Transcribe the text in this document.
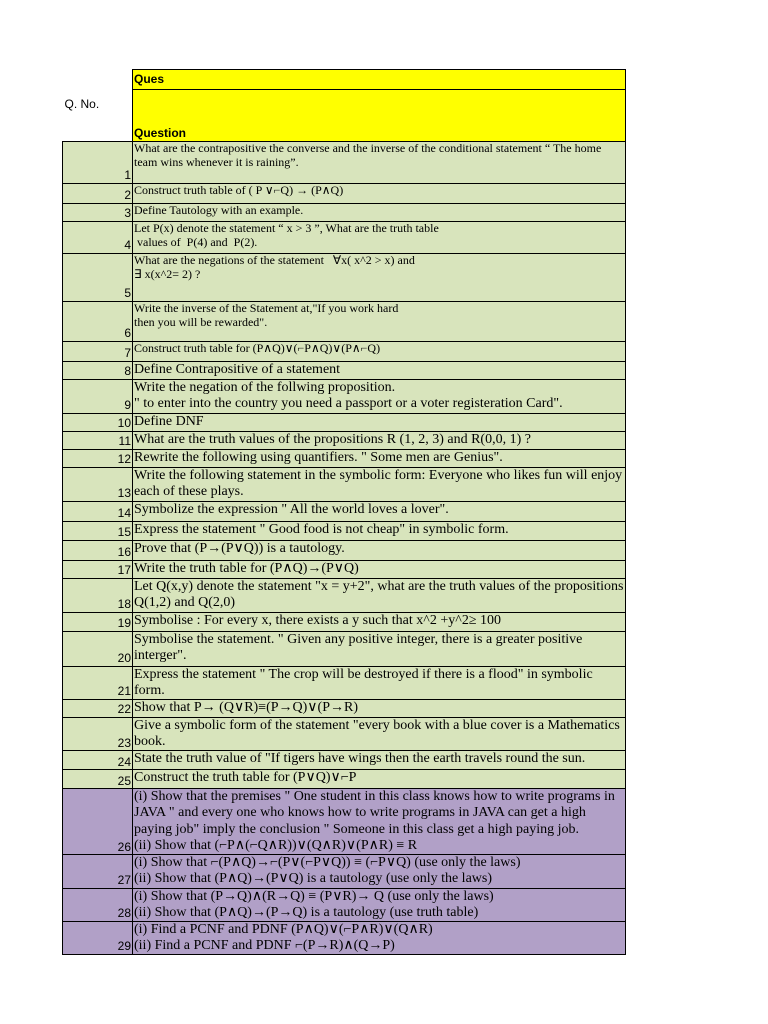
Q. No.	Ques
	Question
1	What are the contrapositive the converse and the inverse of the conditional statement “ The home team wins whenever it is raining”.

2	Construct truth table of ( P ∨⌐Q) → (P∧Q)

3	Define Tautology with an example.

4	Let P(x) denote the statement “ x > 3 ”, What are the truth table
values of  P(4) and  P(2).

5	What are the negations of the statement   ∀x( x^2 > x) and
∃ x(x^2= 2) ?

6	Write the inverse of the Statement at,"If you work hard
then you will be rewarded".

7	Construct truth table for (P∧Q)∨(⌐P∧Q)∨(P∧⌐Q)

8	Define Contrapositive of a statement

9	Write the negation of the follwing proposition.
" to enter into the country you need a passport or a voter registeration Card".

10	Define DNF

11	What are the truth values of the propositions R (1, 2, 3) and R(0,0, 1) ?

12	Rewrite the following using quantifiers. " Some men are Genius".

13	Write the following statement in the symbolic form: Everyone who likes fun will enjoy each of these plays.

14	Symbolize the expression " All the world loves a lover".

15	Express the statement " Good food is not cheap" in symbolic form.

16	Prove that (P→(P∨Q)) is a tautology.

17	Write the truth table for (P∧Q)→(P∨Q)

18	Let Q(x,y) denote the statement "x = y+2", what are the truth values of the propositions Q(1,2) and Q(2,0)

19	Symbolise : For every x, there exists a y such that x^2 +y^2≥ 100

20	Symbolise the statement. " Given any positive integer, there is a greater positive interger".

21	Express the statement " The crop will be destroyed if there is a flood" in symbolic form.

22	Show that P→ (Q∨R)≡(P→Q)∨(P→R)

23	Give a symbolic form of the statement "every book with a blue cover is a Mathematics book.

24	State the truth value of "If tigers have wings then the earth travels round the sun.

25	Construct the truth table for (P∨Q)∨⌐P

26	(i) Show that the premises " One student in this class knows how to write programs in JAVA " and every one who knows how to write programs in JAVA can get a high paying job" imply the conclusion " Someone in this class get a high paying job.
(ii) Show that (⌐P∧(⌐Q∧R))∨(Q∧R)∨(P∧R) ≡ R

27	(i) Show that ⌐(P∧Q)→⌐(P∨(⌐P∨Q)) ≡ (⌐P∨Q) (use only the laws)
(ii) Show that (P∧Q)→(P∨Q) is a tautology (use only the laws)

28	(i) Show that (P→Q)∧(R→Q) ≡ (P∨R)→ Q (use only the laws)
(ii) Show that (P∧Q)→(P→Q) is a tautology (use truth table)

29	(i) Find a PCNF and PDNF (P∧Q)∨(⌐P∧R)∨(Q∧R)
(ii) Find a PCNF and PDNF ⌐(P→R)∧(Q→P)
